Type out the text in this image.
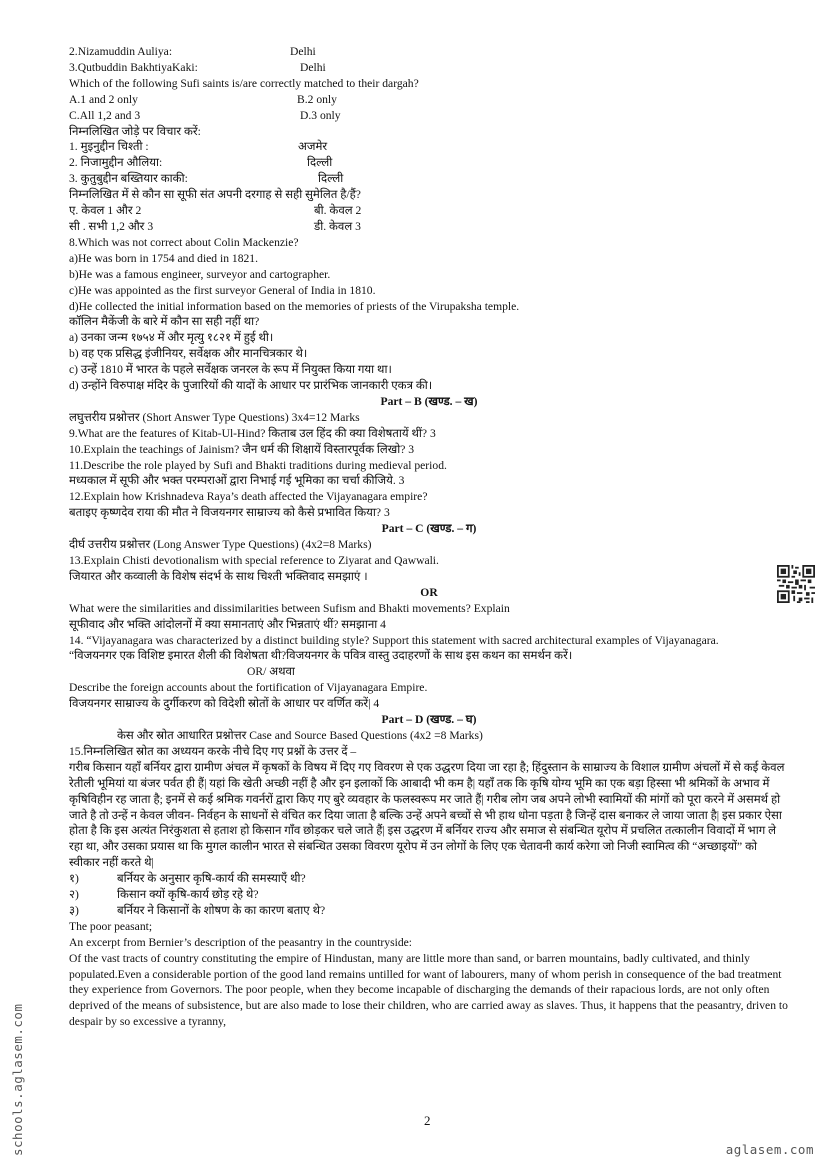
2.Nizamuddin Auliya:	Delhi
3.Qutbuddin BakhtiyaKaki:	Delhi
Which of the following Sufi saints is/are correctly matched to their dargah?
A.1 and 2 only	B.2 only
C.All 1,2 and 3	D.3 only
निम्नलिखित जोड़े पर विचार करें:
1. मुइनुद्दीन चिश्ती :	अजमेर
2. निजामुद्दीन औलिया:	दिल्ली
3. कुतुबुद्दीन बख्तियार काकी:	दिल्ली
निम्नलिखित में से कौन सा सूफी संत अपनी दरगाह से सही सुमेलित है/हैं?
ए. केवल 1 और 2	बी. केवल 2
सी . सभी 1,2 और 3	डी. केवल 3
8.Which was not correct about Colin Mackenzie?
a)He was born in 1754 and died in 1821.
b)He was a famous engineer, surveyor and cartographer.
c)He was appointed as the first surveyor General of India in 1810.
d)He collected the initial information based on the memories of priests of the Virupaksha temple.
कॉलिन मैकेंजी के बारे में कौन सा सही नहीं था?
a) उनका जन्म १७५४ में और मृत्यु १८२१ में हुई थी।
b) वह एक प्रसिद्ध इंजीनियर, सर्वेक्षक और मानचित्रकार थे।
c) उन्हें 1810 में भारत के पहले सर्वेक्षक जनरल के रूप में नियुक्त किया गया था।
d) उन्होंने विरुपाक्ष मंदिर के पुजारियों की यादों के आधार पर प्रारंभिक जानकारी एकत्र की।
Part – B (खण्ड. – ख)
लघुत्तरीय प्रश्नोत्तर (Short Answer Type Questions) 3x4=12 Marks
9.What are the features of Kitab-Ul-Hind? किताब उल हिंद की क्या विशेषतायें थीं? 3
10.Explain the teachings of Jainism? जैन धर्म की शिक्षायें विस्तारपूर्वक लिखो? 3
11.Describe the role played by Sufi and Bhakti traditions during medieval period.
मध्यकाल में सूफी और भक्त परम्पराओं द्वारा निभाई गई भूमिका का चर्चा कीजिये. 3
12.Explain how Krishnadeva Raya’s death affected the Vijayanagara empire?
बताइए कृष्णदेव राया की मौत ने विजयनगर साम्राज्य को कैसे प्रभावित किया? 3
Part – C (खण्ड. – ग)
दीर्घ उत्तरीय प्रश्नोत्तर (Long Answer Type Questions) (4x2=8 Marks)
13.Explain Chisti devotionalism with special reference to Ziyarat and Qawwali.
जियारत और कव्वाली के विशेष संदर्भ के साथ चिश्ती भक्तिवाद समझाएं ।
OR
What were the similarities and dissimilarities between Sufism and Bhakti movements? Explain
सूफीवाद और भक्ति आंदोलनों में क्या समानताएं और भिन्नताएं थीं? समझाना 4
14. “Vijayanagara was characterized by a distinct building style? Support this statement with sacred architectural examples of Vijayanagara.
“विजयनगर एक विशिष्ट इमारत शैली की विशेषता थी?विजयनगर के पवित्र वास्तु उदाहरणों के साथ इस कथन का समर्थन करें।
OR/ अथवा
Describe the foreign accounts about the fortification of Vijayanagara Empire.
विजयनगर साम्राज्य के दुर्गीकरण को विदेशी स्रोतों के आधार पर वर्णित करें| 4
Part – D (खण्ड. – घ)
केस और स्रोत आधारित प्रश्नोत्तर Case and Source Based Questions (4x2 =8 Marks)
15.निम्नलिखित स्रोत का अध्ययन करके नीचे दिए गए प्रश्नों के उत्तर दें –
गरीब किसान यहाँ बर्नियर द्वारा ग्रामीण अंचल में कृषकों के विषय में दिए गए विवरण से एक उद्धरण दिया जा रहा है; हिंदुस्तान के साम्राज्य के विशाल ग्रामीण अंचलों में से कई केवल रेतीली भूमियां या बंजर पर्वत ही हैं| यहां कि खेती अच्छी नहीं है और इन इलाकों कि आबादी भी कम है| यहाँ तक कि कृषि योग्य भूमि का एक बड़ा हिस्सा भी श्रमिकों के अभाव में कृषिविहीन रह जाता है; इनमें से कई श्रमिक गवर्नरों द्वारा किए गए बुरे व्यवहार के फलस्वरूप मर जाते हैं| गरीब लोग जब अपने लोभी स्वामियों की मांगों को पूरा करने में असमर्थ हो जाते है तो उन्हें न केवल जीवन- निर्वहन के साधनों से वंचित कर दिया जाता है बल्कि उन्हें अपने बच्चों से भी हाथ धोना पड़ता है जिन्हें दास बनाकर ले जाया जाता है| इस प्रकार ऐसा होता है कि इस अत्यंत निरंकुशता से हताश हो किसान गाँव छोड़कर चले जाते हैं| इस उद्धरण में बर्नियर राज्य और समाज से संबन्धित यूरोप में प्रचलित तत्कालीन विवादों में भाग ले रहा था, और उसका प्रयास था कि मुगल कालीन भारत से संबन्धित उसका विवरण यूरोप में उन लोगों के लिए एक चेतावनी कार्य करेगा जो निजी स्वामित्व की “अच्छाइयों” को स्वीकार नहीं करते थे|
१)	बर्नियर के अनुसार कृषि-कार्य की समस्याएँ थी?
२)	किसान क्यों कृषि-कार्य छोड़ रहे थे?
३)	बर्नियर ने किसानों के शोषण के का कारण बताए थे?
The poor peasant;
An excerpt from Bernier’s description of the peasantry in the countryside:
Of the vast tracts of country constituting the empire of Hindustan, many are little more than sand, or barren mountains, badly cultivated, and thinly populated.Even a considerable portion of the good land remains untilled for want of labourers, many of whom perish in consequence of the bad treatment they experience from Governors. The poor people, when they become incapable of discharging the demands of their rapacious lords, are not only often deprived of the means of subsistence, but are also made to lose their children, who are carried away as slaves. Thus, it happens that the peasantry, driven to despair by so excessive a tyranny,
2
schools.aglasem.com	aglasem.com
